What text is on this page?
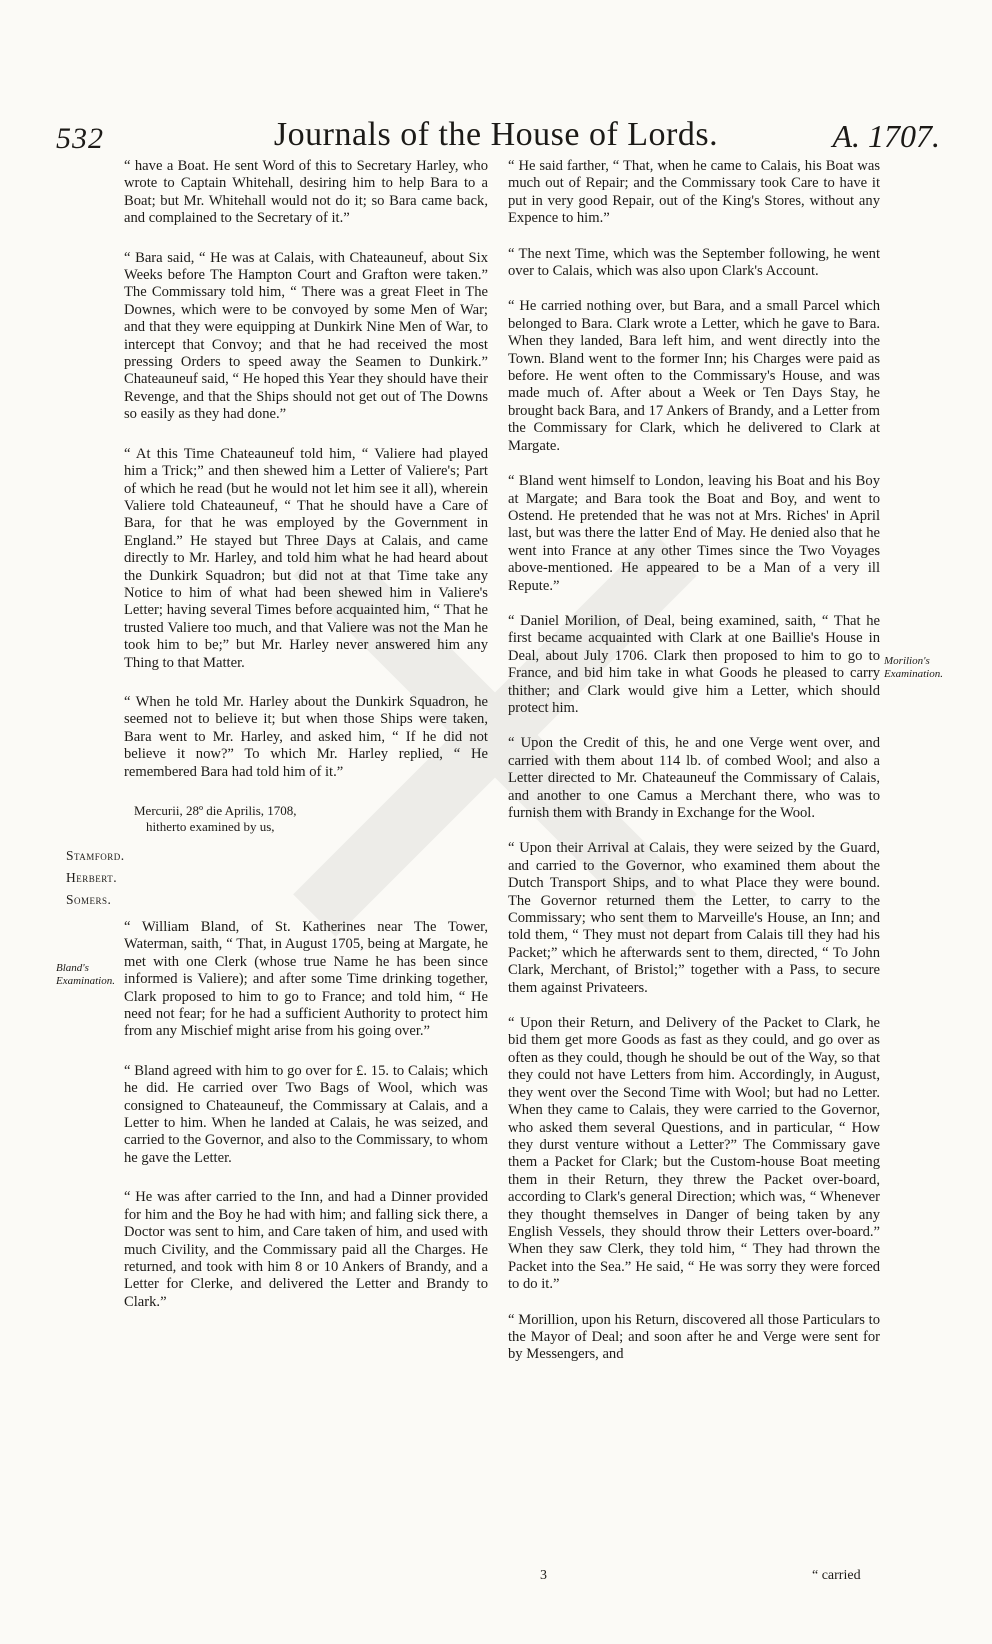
532	Journals of the House of Lords.	A. 1707.

“ have a Boat. He sent Word of this to Secretary Harley, who wrote to Captain Whitehall, desiring him to help Bara to a Boat; but Mr. Whitehall would not do it; so Bara came back, and complained to the Secretary of it.”

“ Bara said, “ He was at Calais, with Chateauneuf, about Six Weeks before The Hampton Court and Grafton were taken.” The Commissary told him, “ There was a great Fleet in The Downes, which were to be convoyed by some Men of War; and that they were equipping at Dunkirk Nine Men of War, to intercept that Convoy; and that he had received the most pressing Orders to speed away the Seamen to Dunkirk.” Chateauneuf said, “ He hoped this Year they should have their Revenge, and that the Ships should not get out of The Downs so easily as they had done.”

“ At this Time Chateauneuf told him, “ Valiere had played him a Trick;” and then shewed him a Letter of Valiere's; Part of which he read (but he would not let him see it all), wherein Valiere told Chateauneuf, “ That he should have a Care of Bara, for that he was employed by the Government in England.” He stayed but Three Days at Calais, and came directly to Mr. Harley, and told him what he had heard about the Dunkirk Squadron; but did not at that Time take any Notice to him of what had been shewed him in Valiere's Letter; having several Times before acquainted him, “ That he trusted Valiere too much, and that Valiere was not the Man he took him to be;” but Mr. Harley never answered him any Thing to that Matter.

“ When he told Mr. Harley about the Dunkirk Squadron, he seemed not to believe it; but when those Ships were taken, Bara went to Mr. Harley, and asked him, “ If he did not believe it now?” To which Mr. Harley replied, “ He remembered Bara had told him of it.”

Mercurii, 28º die Aprilis, 1708,
hitherto examined by us,
Stamford.
Herbert.
Somers.

“ William Bland, of St. Katherines near The Tower, Waterman, saith, “ That, in August 1705, being at Margate, he met with one Clerk (whose true Name he has been since informed is Valiere); and after some Time drinking together, Clark proposed to him to go to France; and told him, “ He need not fear; for he had a sufficient Authority to protect him from any Mischief might arise from his going over.”

“ Bland agreed with him to go over for £. 15. to Calais; which he did. He carried over Two Bags of Wool, which was consigned to Chateauneuf, the Commissary at Calais, and a Letter to him. When he landed at Calais, he was seized, and carried to the Governor, and also to the Commissary, to whom he gave the Letter.

“ He was after carried to the Inn, and had a Dinner provided for him and the Boy he had with him; and falling sick there, a Doctor was sent to him, and Care taken of him, and used with much Civility, and the Commissary paid all the Charges. He returned, and took with him 8 or 10 Ankers of Brandy, and a Letter for Clerke, and delivered the Letter and Brandy to Clark.”

Bland's Examination.

“ He said farther, “ That, when he came to Calais, his Boat was much out of Repair; and the Commissary took Care to have it put in very good Repair, out of the King's Stores, without any Expence to him.”

“ The next Time, which was the September following, he went over to Calais, which was also upon Clark's Account.

“ He carried nothing over, but Bara, and a small Parcel which belonged to Bara. Clark wrote a Letter, which he gave to Bara. When they landed, Bara left him, and went directly into the Town. Bland went to the former Inn; his Charges were paid as before. He went often to the Commissary's House, and was made much of. After about a Week or Ten Days Stay, he brought back Bara, and 17 Ankers of Brandy, and a Letter from the Commissary for Clark, which he delivered to Clark at Margate.

“ Bland went himself to London, leaving his Boat and his Boy at Margate; and Bara took the Boat and Boy, and went to Ostend. He pretended that he was not at Mrs. Riches' in April last, but was there the latter End of May. He denied also that he went into France at any other Times since the Two Voyages above-mentioned. He appeared to be a Man of a very ill Repute.”

“ Daniel Morilion, of Deal, being examined, saith, “ That he first became acquainted with Clark at one Baillie's House in Deal, about July 1706. Clark then proposed to him to go to France, and bid him take in what Goods he pleased to carry thither; and Clark would give him a Letter, which should protect him.

“ Upon the Credit of this, he and one Verge went over, and carried with them about 114 lb. of combed Wool; and also a Letter directed to Mr. Chateauneuf the Commissary of Calais, and another to one Camus a Merchant there, who was to furnish them with Brandy in Exchange for the Wool.

“ Upon their Arrival at Calais, they were seized by the Guard, and carried to the Governor, who examined them about the Dutch Transport Ships, and to what Place they were bound. The Governor returned them the Letter, to carry to the Commissary; who sent them to Marveille's House, an Inn; and told them, “ They must not depart from Calais till they had his Packet;” which he afterwards sent to them, directed, “ To John Clark, Merchant, of Bristol;” together with a Pass, to secure them against Privateers.

“ Upon their Return, and Delivery of the Packet to Clark, he bid them get more Goods as fast as they could, and go over as often as they could, though he should be out of the Way, so that they could not have Letters from him. Accordingly, in August, they went over the Second Time with Wool; but had no Letter. When they came to Calais, they were carried to the Governor, who asked them several Questions, and in particular, “ How they durst venture without a Letter?” The Commissary gave them a Packet for Clark; but the Custom-house Boat meeting them in their Return, they threw the Packet over-board, according to Clark's general Direction; which was, “ Whenever they thought themselves in Danger of being taken by any English Vessels, they should throw their Letters over-board.” When they saw Clerk, they told him, “ They had thrown the Packet into the Sea.” He said, “ He was sorry they were forced to do it.”

“ Morillion, upon his Return, discovered all those Particulars to the Mayor of Deal; and soon after he and Verge were sent for by Messengers, and

Morilion's Examination.
3	“ carried
